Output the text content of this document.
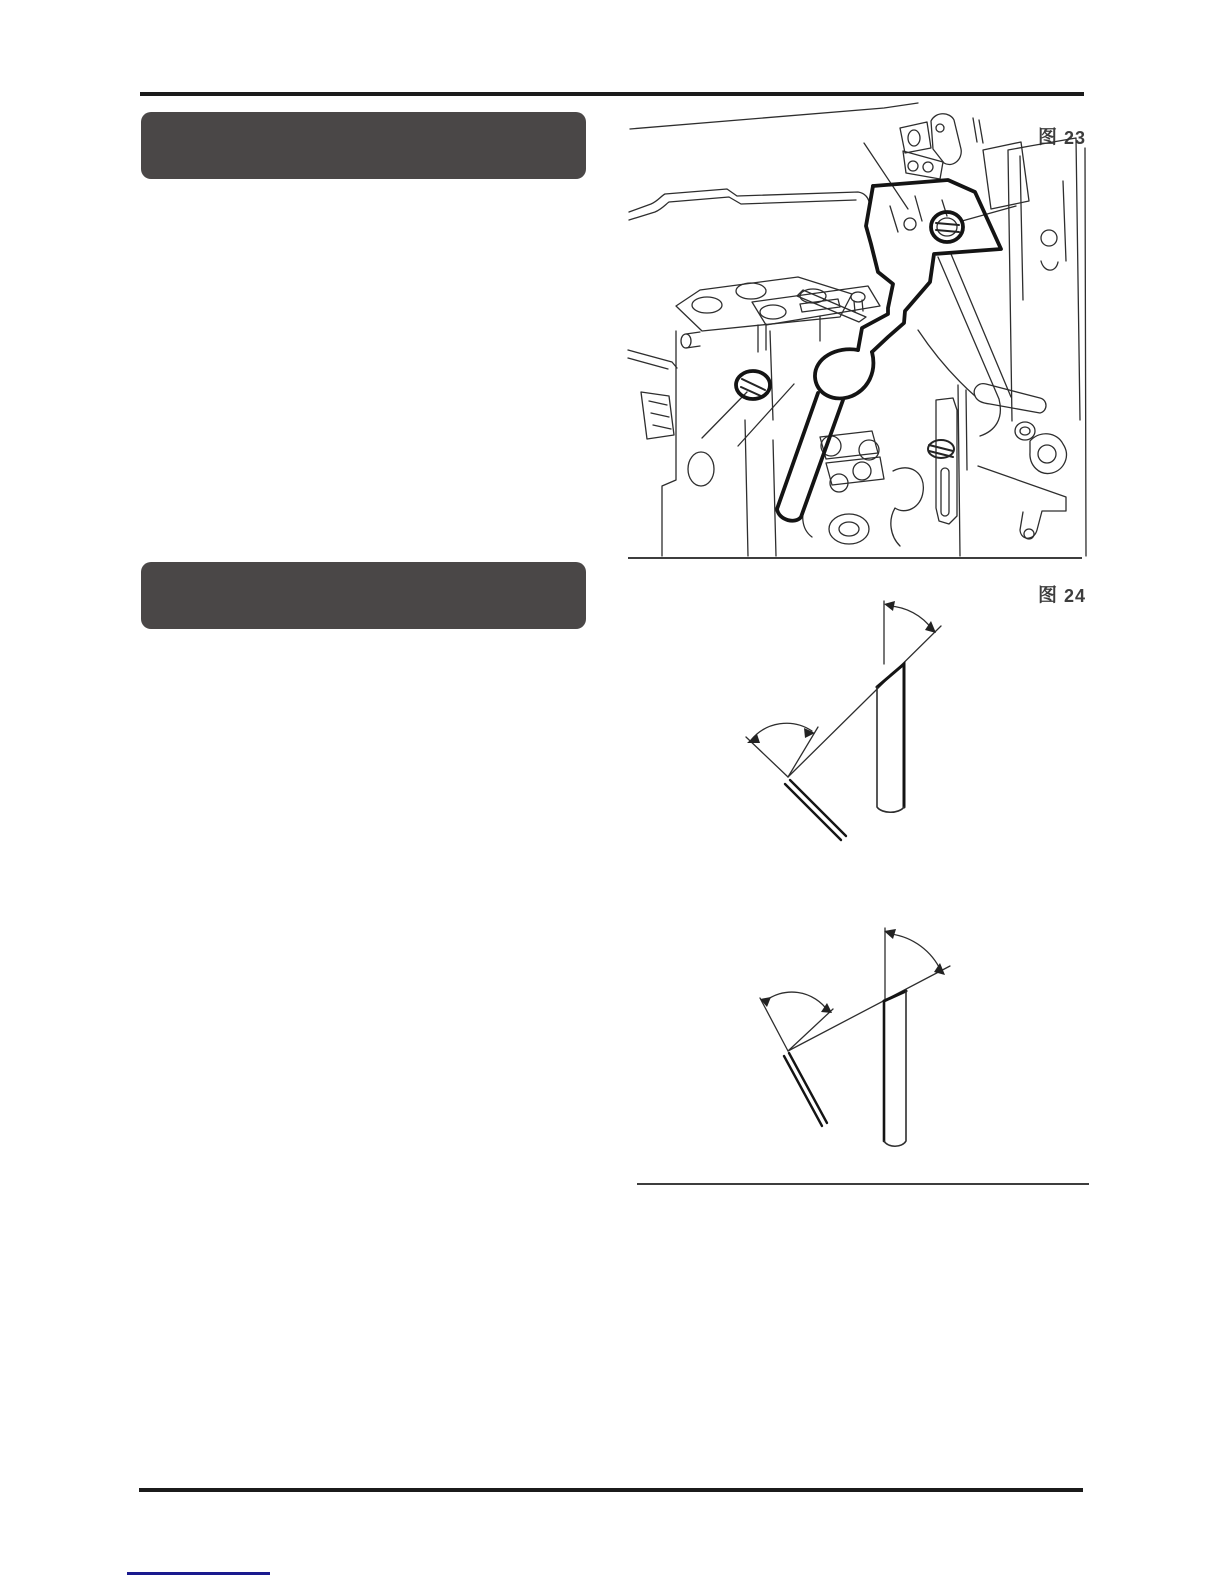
图 23
图 24
